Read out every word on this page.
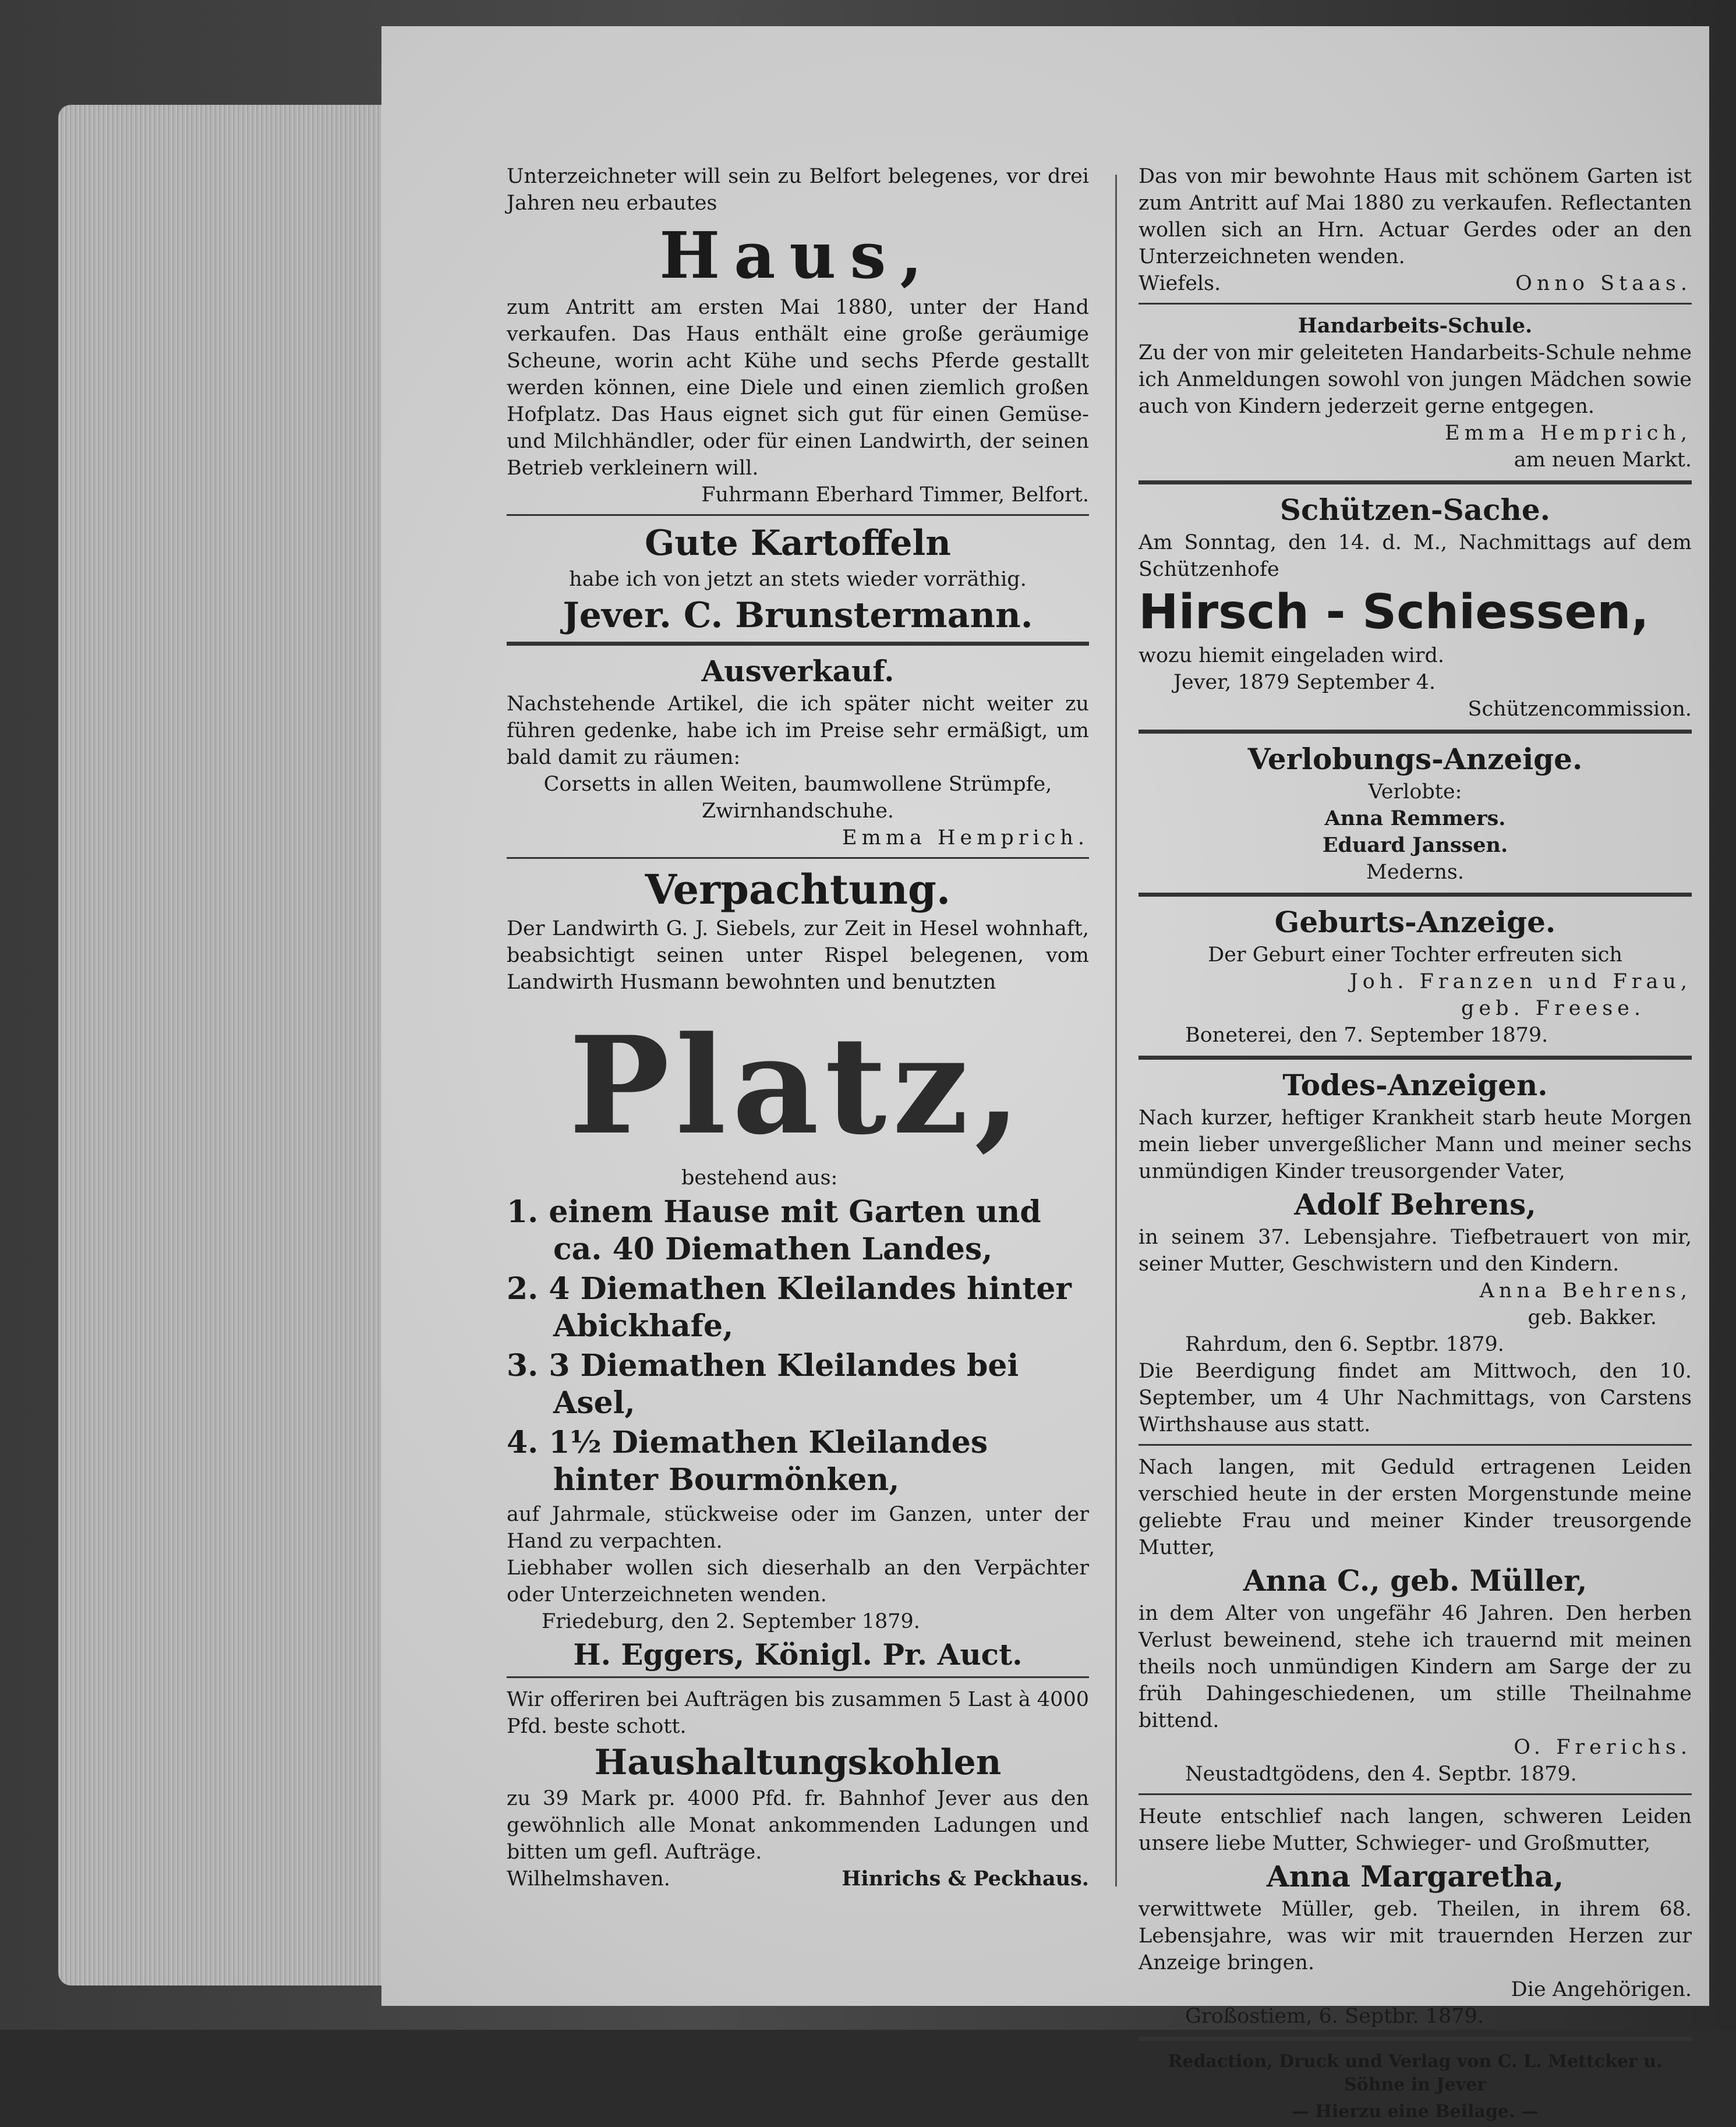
Unterzeichneter will sein zu Belfort belegenes, vor drei Jahren neu erbautes

Haus,

zum Antritt am ersten Mai 1880, unter der Hand verkaufen. Das Haus enthält eine große geräumige Scheune, worin acht Kühe und sechs Pferde gestallt werden können, eine Diele und einen ziemlich großen Hofplatz. Das Haus eignet sich gut für einen Gemüse- und Milchhändler, oder für einen Landwirth, der seinen Betrieb verkleinern will.

Fuhrmann Eberhard Timmer, Belfort.

Gute Kartoffeln

habe ich von jetzt an stets wieder vorräthig.

Jever. C. Brunstermann.
Ausverkauf.

Nachstehende Artikel, die ich später nicht weiter zu führen gedenke, habe ich im Preise sehr ermäßigt, um bald damit zu räumen:

Corsetts in allen Weiten, baumwollene Strümpfe, Zwirnhandschuhe.

Emma Hemprich.

Verpachtung.

Der Landwirth G. J. Siebels, zur Zeit in Hesel wohnhaft, beabsichtigt seinen unter Rispel belegenen, vom Landwirth Husmann bewohnten und benutzten

Platz,

bestehend aus:

1. einem Hause mit Garten und ca. 40 Diemathen Landes,
2. 4 Diemathen Kleilandes hinter Abickhafe,
3. 3 Diemathen Kleilandes bei Asel,
4. 1½ Diemathen Kleilandes hinter Bourmönken,

auf Jahrmale, stückweise oder im Ganzen, unter der Hand zu verpachten.

Liebhaber wollen sich dieserhalb an den Verpächter oder Unterzeichneten wenden.

Friedeburg, den 2. September 1879.

H. Eggers, Königl. Pr. Auct.

Wir offeriren bei Aufträgen bis zusammen 5 Last à 4000 Pfd. beste schott.

Haushaltungskohlen

zu 39 Mark pr. 4000 Pfd. fr. Bahnhof Jever aus den gewöhnlich alle Monat ankommenden Ladungen und bitten um gefl. Aufträge.

Wilhelmshaven.	Hinrichs & Peckhaus.

Das von mir bewohnte Haus mit schönem Garten ist zum Antritt auf Mai 1880 zu verkaufen. Reflectanten wollen sich an Hrn. Actuar Gerdes oder an den Unterzeichneten wenden.

Wiefels.	Onno Staas.

Handarbeits-Schule.

Zu der von mir geleiteten Handarbeits-Schule nehme ich Anmeldungen sowohl von jungen Mädchen sowie auch von Kindern jederzeit gerne entgegen.

Emma Hemprich,

am neuen Markt.

Schützen-Sache.

Am Sonntag, den 14. d. M., Nachmittags auf dem Schützenhofe

Hirsch - Schiessen,

wozu hiemit eingeladen wird.

Jever, 1879 September 4.

Schützencommission.

Verlobungs-Anzeige.

Verlobte:

Anna Remmers.

Eduard Janssen.

Mederns.

Geburts-Anzeige.

Der Geburt einer Tochter erfreuten sich

Joh. Franzen und Frau,

geb. Freese.

Boneterei, den 7. September 1879.

Todes-Anzeigen.

Nach kurzer, heftiger Krankheit starb heute Morgen mein lieber unvergeßlicher Mann und meiner sechs unmündigen Kinder treusorgender Vater,

Adolf Behrens,

in seinem 37. Lebensjahre. Tiefbetrauert von mir, seiner Mutter, Geschwistern und den Kindern.

Anna Behrens,

geb. Bakker.

Rahrdum, den 6. Septbr. 1879.

Die Beerdigung findet am Mittwoch, den 10. September, um 4 Uhr Nachmittags, von Carstens Wirthshause aus statt.

Nach langen, mit Geduld ertragenen Leiden verschied heute in der ersten Morgenstunde meine geliebte Frau und meiner Kinder treusorgende Mutter,

Anna C., geb. Müller,

in dem Alter von ungefähr 46 Jahren. Den herben Verlust beweinend, stehe ich trauernd mit meinen theils noch unmündigen Kindern am Sarge der zu früh Dahingeschiedenen, um stille Theilnahme bittend.

O. Frerichs.

Neustadtgödens, den 4. Septbr. 1879.

Heute entschlief nach langen, schweren Leiden unsere liebe Mutter, Schwieger- und Großmutter,

Anna Margaretha,

verwittwete Müller, geb. Theilen, in ihrem 68. Lebensjahre, was wir mit trauernden Herzen zur Anzeige bringen.

Die Angehörigen.

Großostiem, 6. Septbr. 1879.

Redaction, Druck und Verlag von C. L. Mettcker u. Söhne in Jever

— Hierzu eine Beilage. —
